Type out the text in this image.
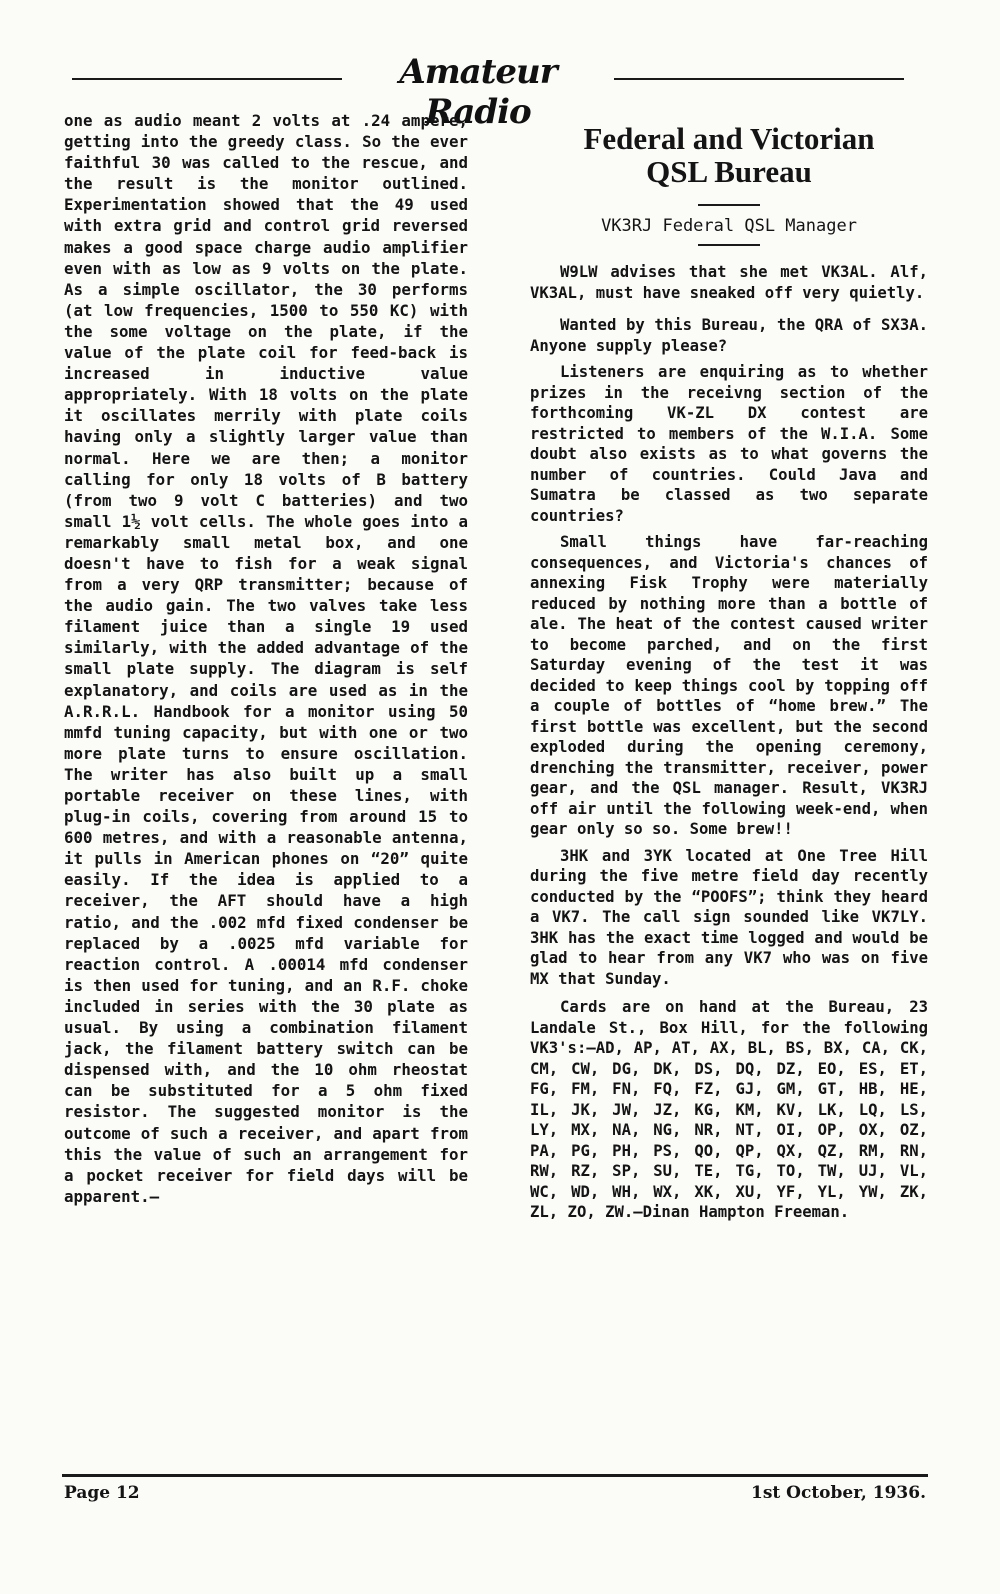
Amateur Radio

one as audio meant 2 volts at .24 ampere, getting into the greedy class. So the ever faithful 30 was called to the rescue, and the result is the monitor outlined. Experimentation showed that the 49 used with extra grid and control grid reversed makes a good space charge audio amplifier even with as low as 9 volts on the plate. As a simple oscillator, the 30 performs (at low frequencies, 1500 to 550 KC) with the some voltage on the plate, if the value of the plate coil for feed-back is increased in inductive value appropriately. With 18 volts on the plate it oscillates merrily with plate coils having only a slightly larger value than normal. Here we are then; a monitor calling for only 18 volts of B battery (from two 9 volt C batteries) and two small 1½ volt cells. The whole goes into a remarkably small metal box, and one doesn't have to fish for a weak signal from a very QRP transmitter; because of the audio gain. The two valves take less filament juice than a single 19 used similarly, with the added advantage of the small plate supply. The diagram is self explanatory, and coils are used as in the A.R.R.L. Handbook for a monitor using 50 mmfd tuning capacity, but with one or two more plate turns to ensure oscillation. The writer has also built up a small portable receiver on these lines, with plug-in coils, covering from around 15 to 600 metres, and with a reasonable antenna, it pulls in American phones on “20” quite easily. If the idea is applied to a receiver, the AFT should have a high ratio, and the .002 mfd fixed condenser be replaced by a .0025 mfd variable for reaction control. A .00014 mfd condenser is then used for tuning, and an R.F. choke included in series with the 30 plate as usual. By using a combination filament jack, the filament battery switch can be dispensed with, and the 10 ohm rheostat can be substituted for a 5 ohm fixed resistor. The suggested monitor is the outcome of such a receiver, and apart from this the value of such an arrangement for a pocket receiver for field days will be apparent.—

Federal and Victorian
QSL Bureau
VK3RJ Federal QSL Manager

W9LW advises that she met VK3AL. Alf, VK3AL, must have sneaked off very quietly.

Wanted by this Bureau, the QRA of SX3A. Anyone supply please?

Listeners are enquiring as to whether prizes in the receivng section of the forthcoming VK-ZL DX contest are restricted to members of the W.I.A. Some doubt also exists as to what governs the number of countries. Could Java and Sumatra be classed as two separate countries?

Small things have far-reaching consequences, and Victoria's chances of annexing Fisk Trophy were materially reduced by nothing more than a bottle of ale. The heat of the contest caused writer to become parched, and on the first Saturday evening of the test it was decided to keep things cool by topping off a couple of bottles of “home brew.” The first bottle was excellent, but the second exploded during the opening ceremony, drenching the transmitter, receiver, power gear, and the QSL manager. Result, VK3RJ off air until the following week-end, when gear only so so. Some brew!!

3HK and 3YK located at One Tree Hill during the five metre field day recently conducted by the “POOFS”; think they heard a VK7. The call sign sounded like VK7LY. 3HK has the exact time logged and would be glad to hear from any VK7 who was on five MX that Sunday.

Cards are on hand at the Bureau, 23 Landale St., Box Hill, for the following VK3's:—AD, AP, AT, AX, BL, BS, BX, CA, CK, CM, CW, DG, DK, DS, DQ, DZ, EO, ES, ET, FG, FM, FN, FQ, FZ, GJ, GM, GT, HB, HE, IL, JK, JW, JZ, KG, KM, KV, LK, LQ, LS, LY, MX, NA, NG, NR, NT, OI, OP, OX, OZ, PA, PG, PH, PS, QO, QP, QX, QZ, RM, RN, RW, RZ, SP, SU, TE, TG, TO, TW, UJ, VL, WC, WD, WH, WX, XK, XU, YF, YL, YW, ZK, ZL, ZO, ZW.—Dinan Hampton Freeman.

Page 12	1st October, 1936.
